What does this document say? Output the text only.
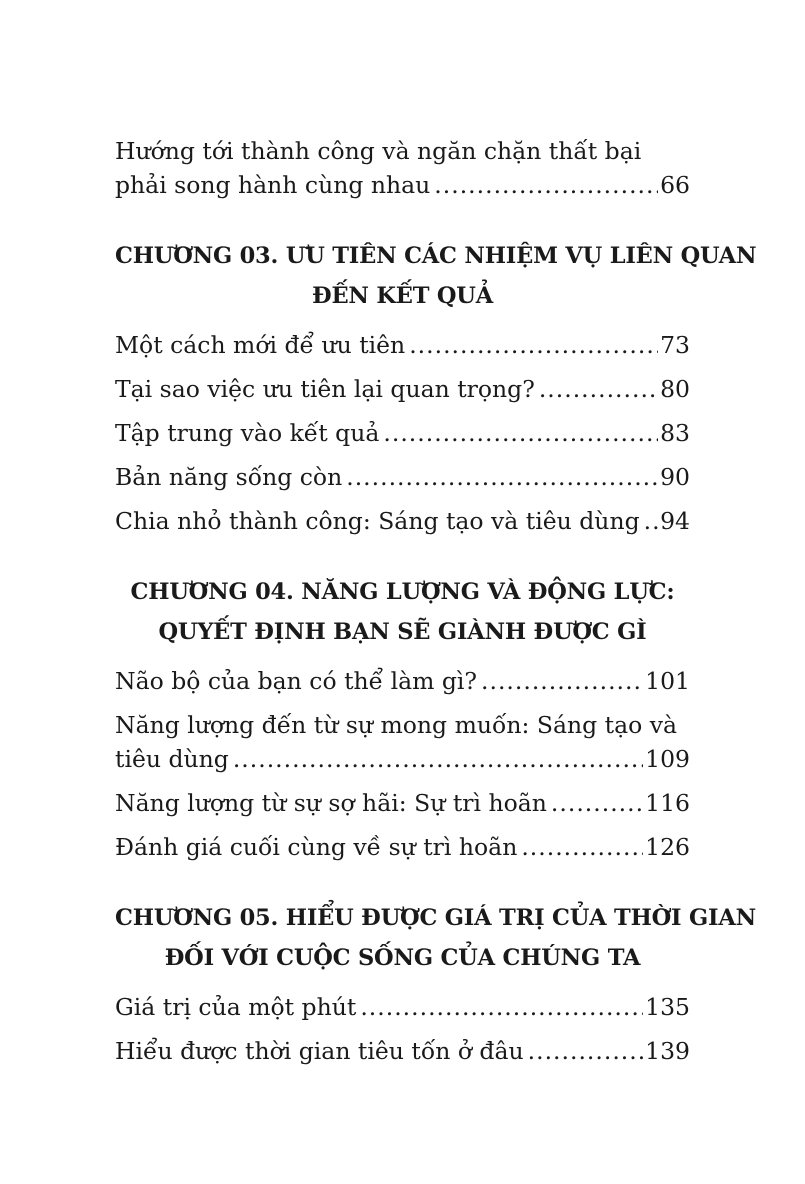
Hướng tới thành công và ngăn chặn thất bại
phải song hành cùng nhau .....	66
CHƯƠNG 03. ƯU TIÊN CÁC NHIỆM VỤ LIÊN QUAN
ĐẾN KẾT QUẢ
Một cách mới để ưu tiên .....	73
Tại sao việc ưu tiên lại quan trọng? .....	80
Tập trung vào kết quả .....	83
Bản năng sống còn .....	90
Chia nhỏ thành công: Sáng tạo và tiêu dùng ..... 94
CHƯƠNG 04. NĂNG LƯỢNG VÀ ĐỘNG LỰC:
QUYẾT ĐỊNH BẠN SẼ GIÀNH ĐƯỢC GÌ
Não bộ của bạn có thể làm gì? .....	101
Năng lượng đến từ sự mong muốn: Sáng tạo và
tiêu dùng .....	109
Năng lượng từ sự sợ hãi: Sự trì hoãn .....	116
Đánh giá cuối cùng về sự trì hoãn .....	126
CHƯƠNG 05. HIỂU ĐƯỢC GIÁ TRỊ CỦA THỜI GIAN
ĐỐI VỚI CUỘC SỐNG CỦA CHÚNG TA
Giá trị của một phút .....	135
Hiểu được thời gian tiêu tốn ở đâu .....	139
